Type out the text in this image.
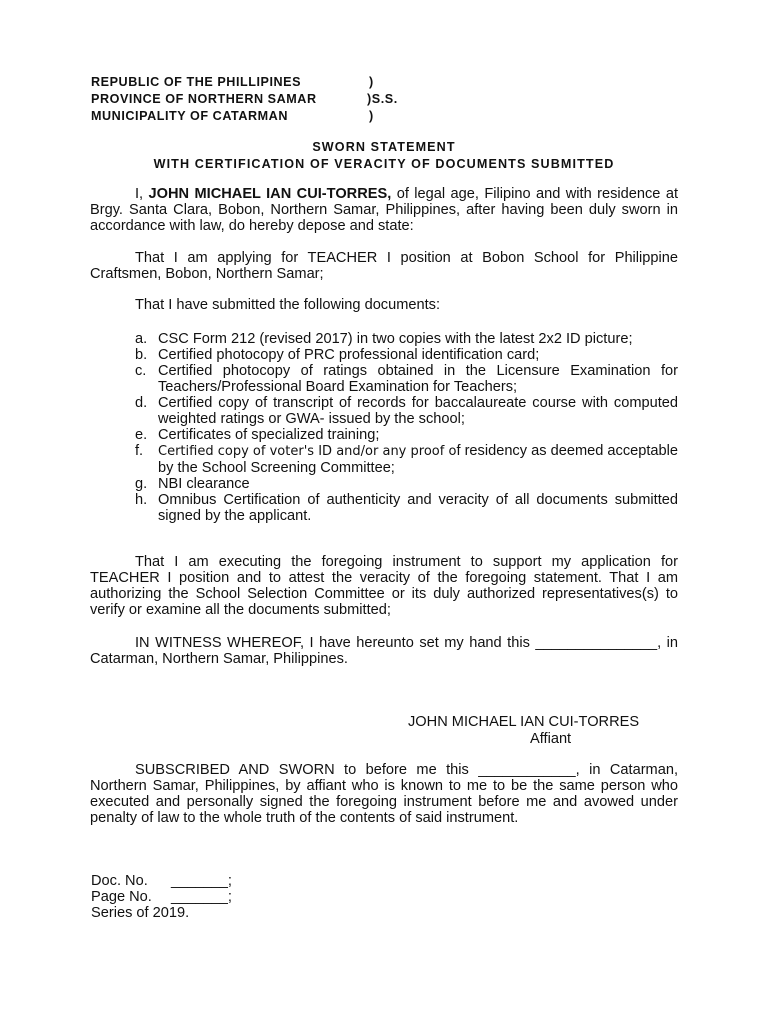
REPUBLIC OF THE PHILLIPINES	)
PROVINCE OF NORTHERN SAMAR	)S.S.
MUNICIPALITY OF CATARMAN	)
SWORN STATEMENT
WITH CERTIFICATION OF VERACITY OF DOCUMENTS SUBMITTED
I, JOHN MICHAEL IAN CUI-TORRES, of legal age, Filipino and with residence at Brgy. Santa Clara, Bobon, Northern Samar, Philippines, after having been duly sworn in accordance with law, do hereby depose and state:
That I am applying for TEACHER I position at Bobon School for Philippine Craftsmen, Bobon, Northern Samar;
That I have submitted the following documents:
a. CSC Form 212 (revised 2017) in two copies with the latest 2x2 ID picture;
b. Certified photocopy of PRC professional identification card;
c. Certified photocopy of ratings obtained in the Licensure Examination for Teachers/Professional Board Examination for Teachers;
d. Certified copy of transcript of records for baccalaureate course with computed weighted ratings or GWA- issued by the school;
e. Certificates of specialized training;
f. Certified copy of voter's ID and/or any proof of residency as deemed acceptable by the School Screening Committee;
g. NBI clearance
h. Omnibus Certification of authenticity and veracity of all documents submitted signed by the applicant.
That I am executing the foregoing instrument to support my application for TEACHER I position and to attest the veracity of the foregoing statement. That I am authorizing the School Selection Committee or its duly authorized representatives(s) to verify or examine all the documents submitted;
IN WITNESS WHEREOF, I have hereunto set my hand this _______________, in Catarman, Northern Samar, Philippines.
JOHN MICHAEL IAN CUI-TORRES
Affiant
SUBSCRIBED AND SWORN to before me this ____________, in Catarman, Northern Samar, Philippines, by affiant who is known to me to be the same person who executed and personally signed the foregoing instrument before me and avowed under penalty of law to the whole truth of the contents of said instrument.
Doc. No. _______;
Page No. _______;
Series of 2019.
